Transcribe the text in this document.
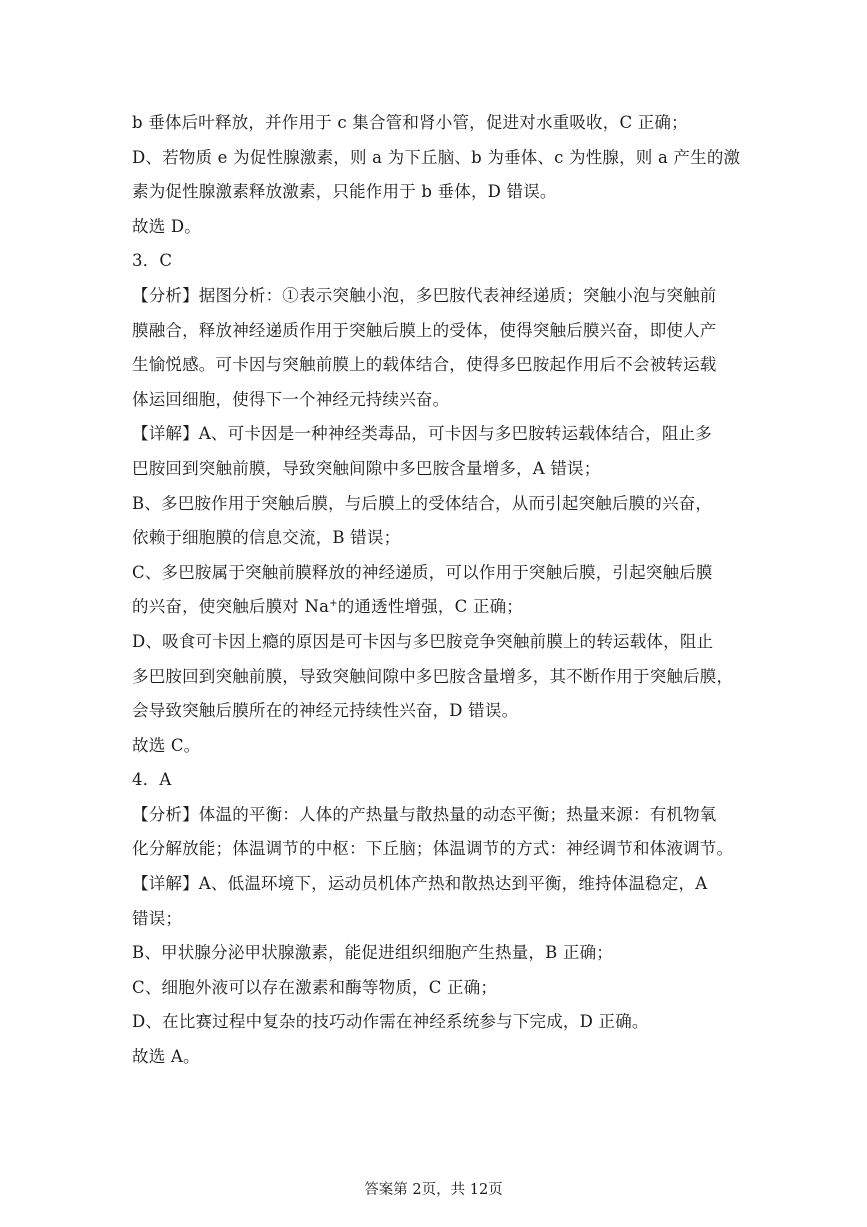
b 垂体后叶释放，并作用于 c 集合管和肾小管，促进对水重吸收，C 正确；
D、若物质 e 为促性腺激素，则 a 为下丘脑、b 为垂体、c 为性腺，则 a 产生的激
素为促性腺激素释放激素，只能作用于 b 垂体，D 错误。
故选 D。
3．C
【分析】据图分析：①表示突触小泡，多巴胺代表神经递质；突触小泡与突触前
膜融合，释放神经递质作用于突触后膜上的受体，使得突触后膜兴奋，即使人产
生愉悦感。可卡因与突触前膜上的载体结合，使得多巴胺起作用后不会被转运载
体运回细胞，使得下一个神经元持续兴奋。
【详解】A、可卡因是一种神经类毒品，可卡因与多巴胺转运载体结合，阻止多
巴胺回到突触前膜，导致突触间隙中多巴胺含量增多，A 错误；
B、多巴胺作用于突触后膜，与后膜上的受体结合，从而引起突触后膜的兴奋，
依赖于细胞膜的信息交流，B 错误；
C、多巴胺属于突触前膜释放的神经递质，可以作用于突触后膜，引起突触后膜
的兴奋，使突触后膜对 Na+的通透性增强，C 正确；
D、吸食可卡因上瘾的原因是可卡因与多巴胺竞争突触前膜上的转运载体，阻止
多巴胺回到突触前膜，导致突触间隙中多巴胺含量增多，其不断作用于突触后膜，
会导致突触后膜所在的神经元持续性兴奋，D 错误。
故选 C。
4．A
【分析】体温的平衡：人体的产热量与散热量的动态平衡；热量来源：有机物氧
化分解放能；体温调节的中枢：下丘脑；体温调节的方式：神经调节和体液调节。
【详解】A、低温环境下，运动员机体产热和散热达到平衡，维持体温稳定，A
错误；
B、甲状腺分泌甲状腺激素，能促进组织细胞产生热量，B 正确；
C、细胞外液可以存在激素和酶等物质，C 正确；
D、在比赛过程中复杂的技巧动作需在神经系统参与下完成，D 正确。
故选 A。
答案第 2页，共 12页
